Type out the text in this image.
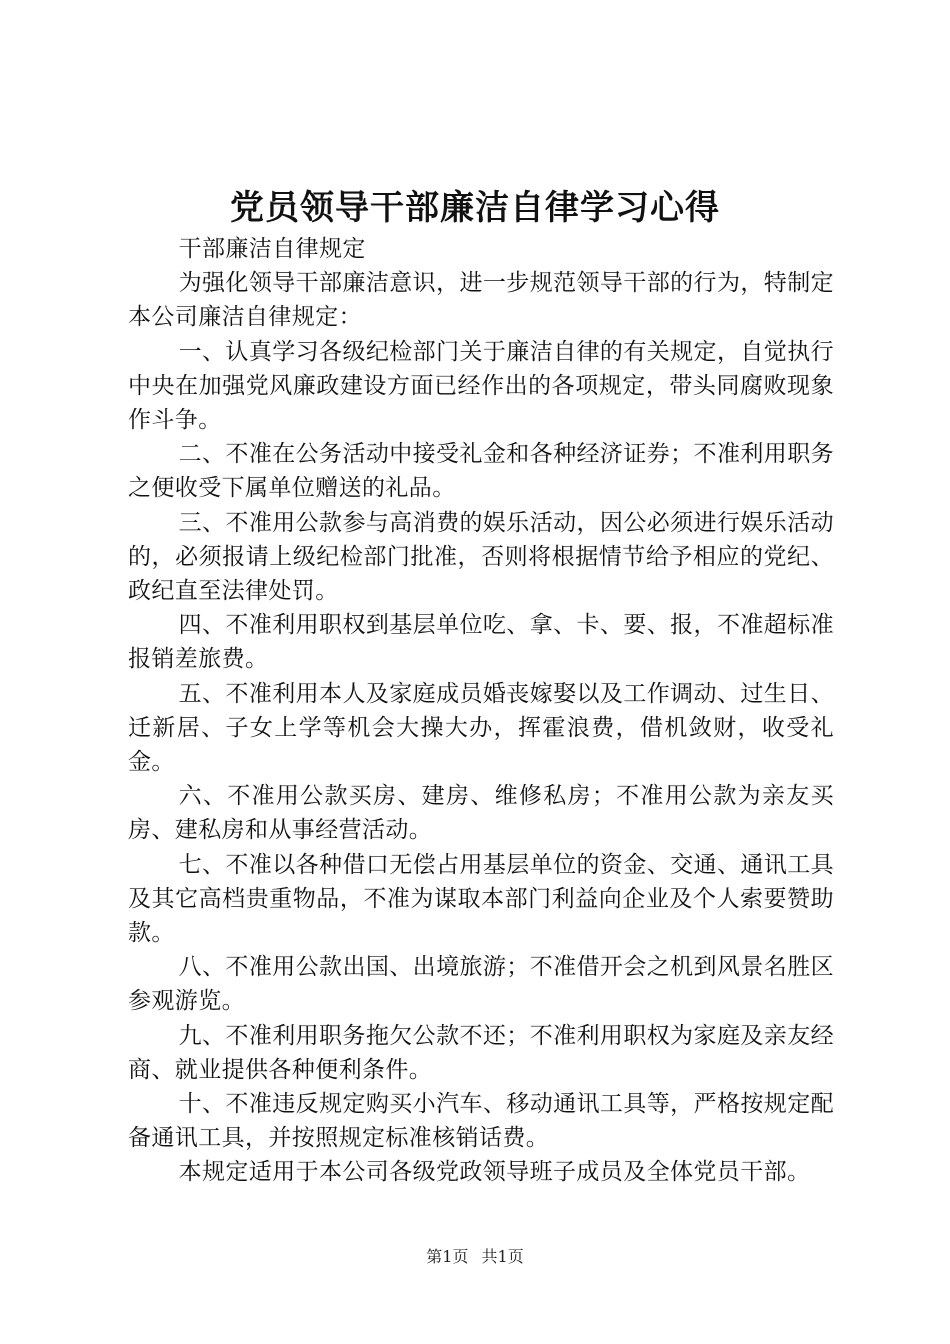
党员领导干部廉洁自律学习心得

干部廉洁自律规定

为强化领导干部廉洁意识，进一步规范领导干部的行为，特制定本公司廉洁自律规定：

一、认真学习各级纪检部门关于廉洁自律的有关规定，自觉执行中央在加强党风廉政建设方面已经作出的各项规定，带头同腐败现象作斗争。

二、不准在公务活动中接受礼金和各种经济证券；不准利用职务之便收受下属单位赠送的礼品。

三、不准用公款参与高消费的娱乐活动，因公必须进行娱乐活动的，必须报请上级纪检部门批准，否则将根据情节给予相应的党纪、政纪直至法律处罚。

四、不准利用职权到基层单位吃、拿、卡、要、报，不准超标准报销差旅费。

五、不准利用本人及家庭成员婚丧嫁娶以及工作调动、过生日、迁新居、子女上学等机会大操大办，挥霍浪费，借机敛财，收受礼金。

六、不准用公款买房、建房、维修私房；不准用公款为亲友买房、建私房和从事经营活动。

七、不准以各种借口无偿占用基层单位的资金、交通、通讯工具及其它高档贵重物品，不准为谋取本部门利益向企业及个人索要赞助款。

八、不准用公款出国、出境旅游；不准借开会之机到风景名胜区参观游览。

九、不准利用职务拖欠公款不还；不准利用职权为家庭及亲友经商、就业提供各种便利条件。

十、不准违反规定购买小汽车、移动通讯工具等，严格按规定配备通讯工具，并按照规定标准核销话费。

本规定适用于本公司各级党政领导班子成员及全体党员干部。

第1页 共1页
